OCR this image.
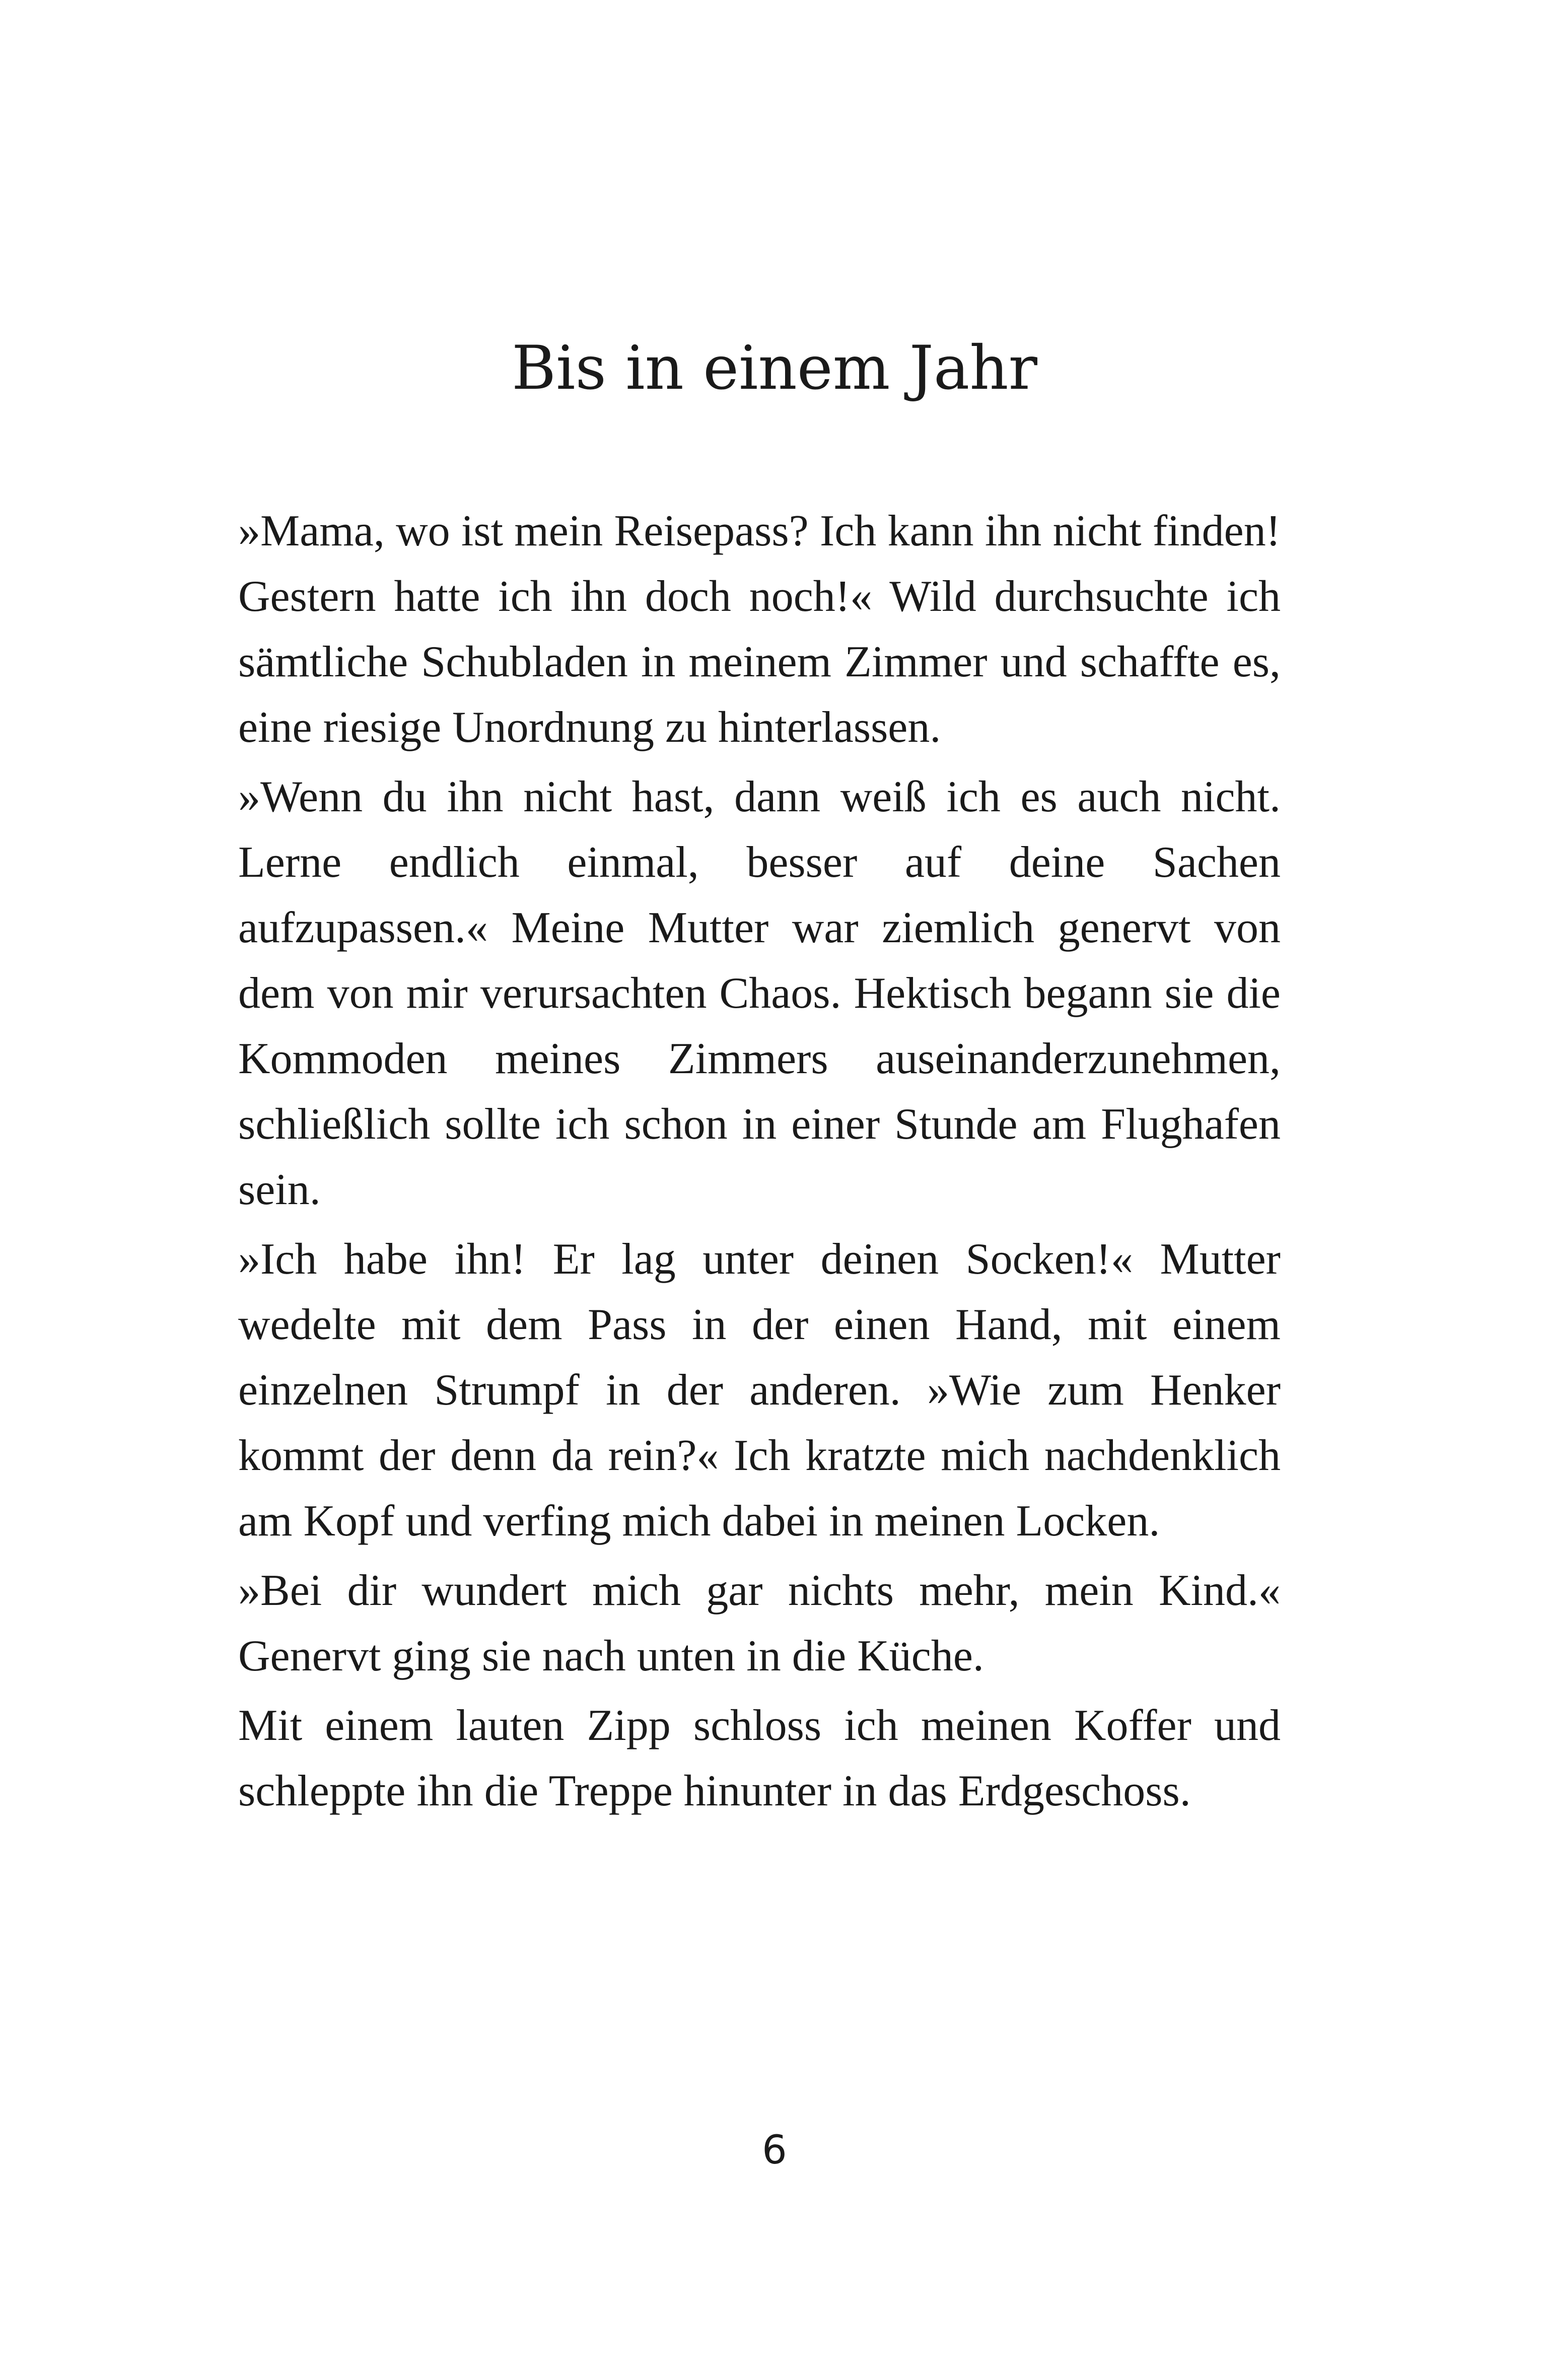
Bis in einem Jahr

»Mama, wo ist mein Reisepass? Ich kann ihn nicht finden! Gestern hatte ich ihn doch noch!« Wild durchsuchte ich sämtliche Schubladen in meinem Zimmer und schaffte es, eine riesige Unordnung zu hinterlassen.

»Wenn du ihn nicht hast, dann weiß ich es auch nicht. Lerne endlich einmal, besser auf deine Sachen aufzupassen.« Meine Mutter war ziemlich genervt von dem von mir verursachten Chaos. Hektisch begann sie die Kommoden meines Zimmers auseinanderzunehmen, schließlich sollte ich schon in einer Stunde am Flughafen sein.

»Ich habe ihn! Er lag unter deinen Socken!« Mutter wedelte mit dem Pass in der einen Hand, mit einem einzelnen Strumpf in der anderen. »Wie zum Henker kommt der denn da rein?« Ich kratzte mich nachdenklich am Kopf und verfing mich dabei in meinen Locken.

»Bei dir wundert mich gar nichts mehr, mein Kind.« Genervt ging sie nach unten in die Küche.

Mit einem lauten Zipp schloss ich meinen Koffer und schleppte ihn die Treppe hinunter in das Erdgeschoss.

6
